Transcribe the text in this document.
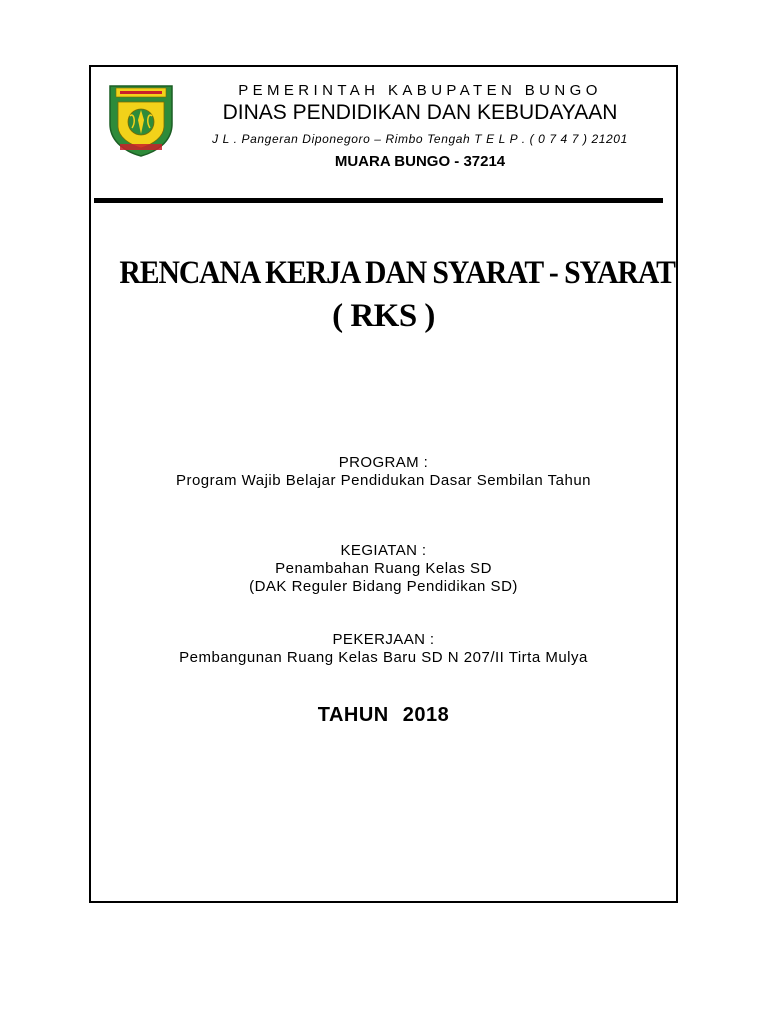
PEMERINTAH KABUPATEN BUNGO
DINAS PENDIDIKAN DAN KEBUDAYAAN
J L . Pangeran Diponegoro – Rimbo Tengah T E L P . ( 0 7 4 7 ) 21201
MUARA BUNGO - 37214
RENCANA KERJA DAN SYARAT - SYARAT
( RKS )
PROGRAM :
Program Wajib Belajar Pendidukan Dasar Sembilan Tahun
KEGIATAN :
Penambahan Ruang Kelas SD
(DAK Reguler Bidang Pendidikan SD)
PEKERJAAN :
Pembangunan Ruang Kelas Baru SD N 207/II Tirta Mulya
TAHUN 2018
